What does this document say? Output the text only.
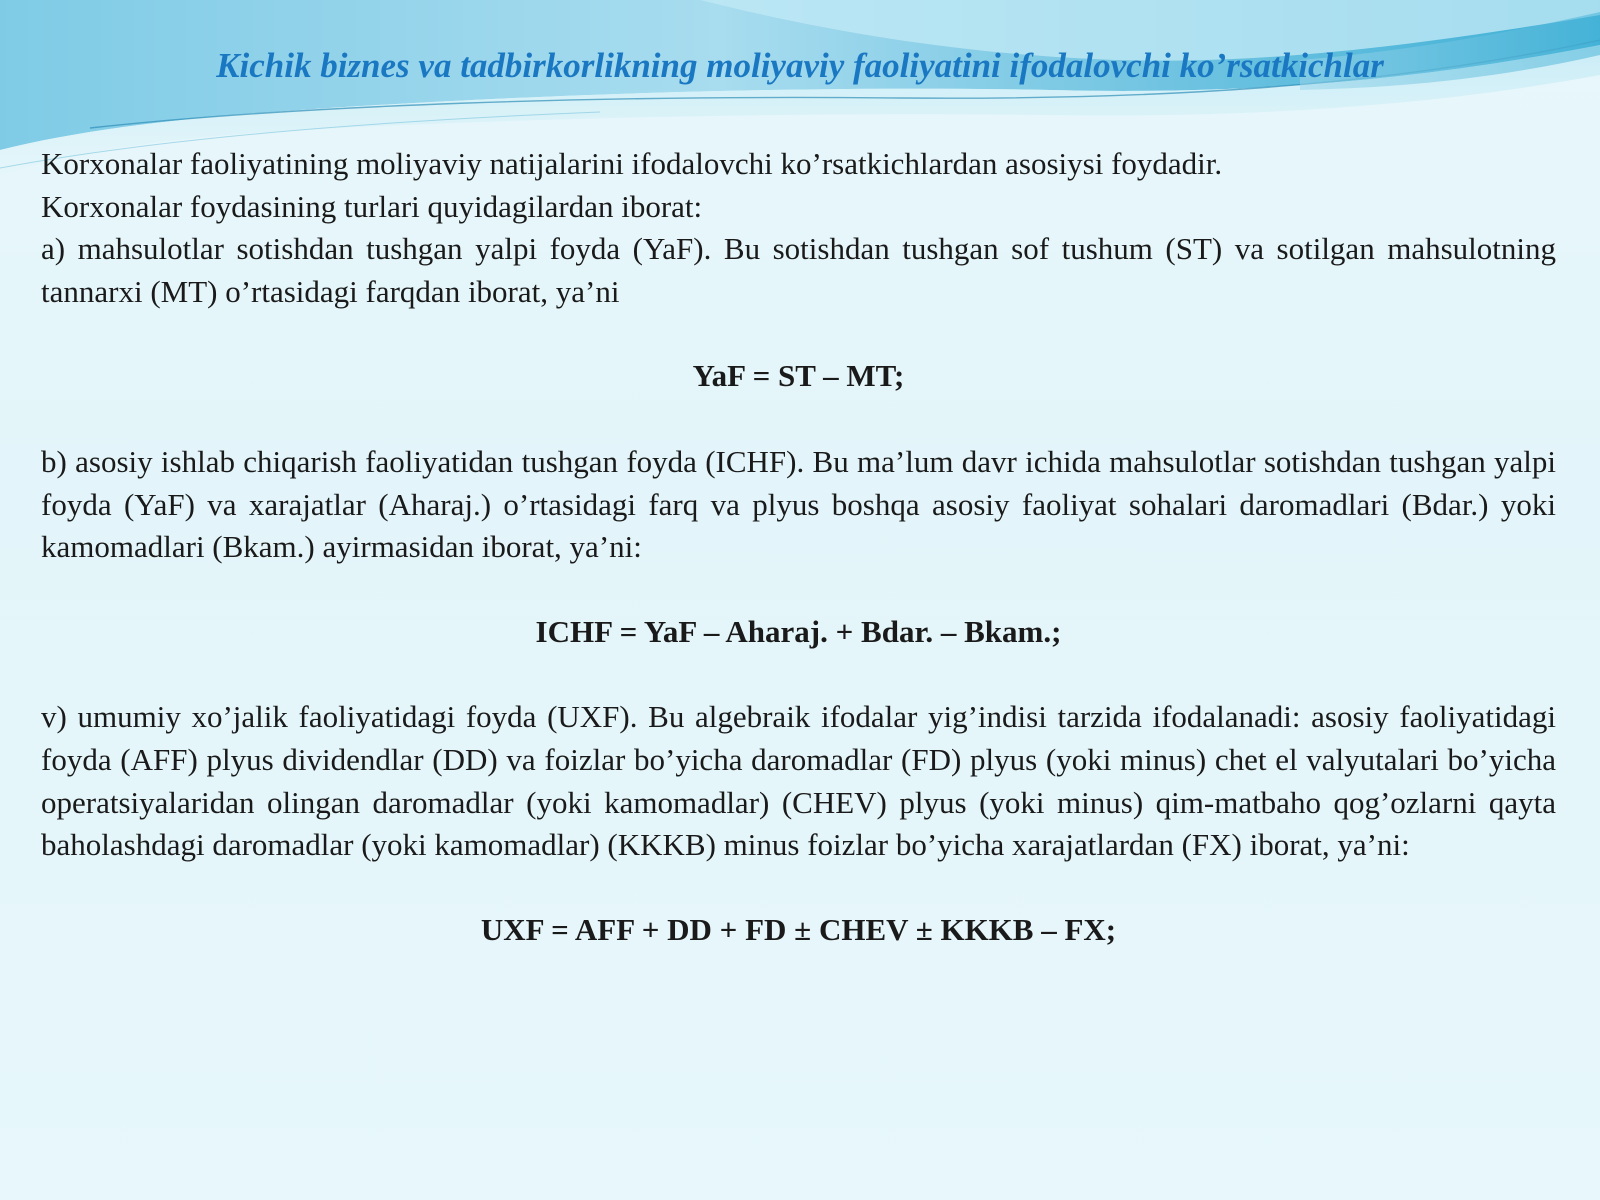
Kichik biznes va tadbirkorlikning moliyaviy faoliyatini ifodalovchi ko’rsatkichlar

Korxonalar faoliyatining moliyaviy natijalarini ifodalovchi ko’rsatkichlardan asosiysi foydadir.

Korxonalar foydasining turlari quyidagilardan iborat:

a) mahsulotlar sotishdan tushgan yalpi foyda (YaF). Bu sotishdan tushgan sof tushum (ST) va sotilgan mahsulotning tannarxi (MT) o’rtasidagi farqdan iborat, ya’ni

YaF = ST – MT;

b) asosiy ishlab chiqarish faoliyatidan tushgan foyda (ICHF). Bu ma’lum davr ichida mahsulotlar sotishdan tushgan yalpi foyda (YaF) va xarajatlar (Aharaj.) o’rtasidagi farq va plyus boshqa asosiy faoliyat sohalari daromadlari (Bdar.) yoki kamomadlari (Bkam.) ayirmasidan iborat, ya’ni:

ICHF = YaF – Aharaj. + Bdar. – Bkam.;

v) umumiy xo’jalik faoliyatidagi foyda (UXF). Bu algebraik ifodalar yig’indisi tarzida ifodalanadi: asosiy faoliyatidagi foyda (AFF) plyus dividendlar (DD) va foizlar bo’yicha daromadlar (FD) plyus (yoki minus) chet el valyutalari bo’yicha operatsiyalaridan olingan daromadlar (yoki kamomadlar) (CHEV) plyus (yoki minus) qim-matbaho qog’ozlarni qayta baholashdagi daromadlar (yoki kamomadlar) (KKKB) minus foizlar bo’yicha xarajatlardan (FX) iborat, ya’ni:

UXF = AFF + DD + FD ± CHEV ± KKKB – FX;
